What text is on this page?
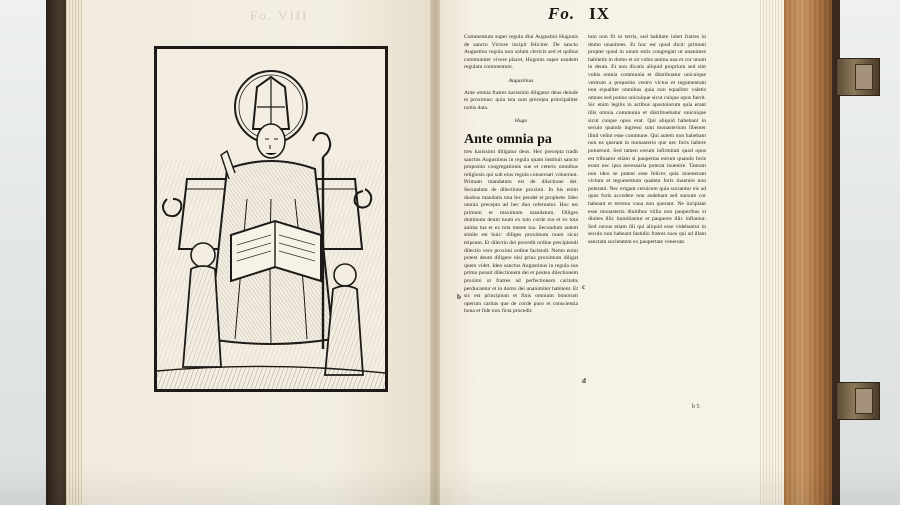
Fo. VIII	Fo. IX

Commentum super regula diui Augustini Hugonis de sancto Victore incipit feliciter. De sancto Augustino regula non solum clericis sed et quibus communiter vivere placet, Hugonis super eandem regulam commentum.

Augustinus

Ante omnia fratres karissimi diligatur deus deinde et proximus: quia ista sunt precepta principaliter nobis data.

Hugo
Ante omnia pa

tres karissimi diligatur deus. Hec precepta tradit sanctus Augustinus in regula quam instituit sancto proposito congregationis sue et ceteris omnibus religiosis qui sub eius regula conuersari voluerunt. Primum mandatum est de dilectione dei. Secundum de dilectione proximi. In his enim duobus mandatis tota lex pendet et prophete. Ideo omnia precepta ad hec duo referuntur. Hoc est primum et maximum mandatum. Diliges dominum deum tuum ex toto corde tuo et ex tota anima tua et ex tota mente tua. Secundum autem simile est huic: diliges proximum tuum sicut teipsum. Et dilectio dei precedit ordine precipiendi dilectio vero proximi ordine faciendi. Nemo enim potest deum diligere nisi prius proximum diligat quem videt. Ideo sanctus Augustinus in regula sua primo posuit dilectionem dei et postea dilectionem proximi ut fratres ad perfectionem caritatis perducantur et in domo dei unanimiter habitent. Et sic est principium et finis omnium bonorum operum caritas que de corde puro et conscientia bona et fide non ficta procedit.

tum non fit in terris, sed habitare iubet fratres in domo unanimes. Et hoc est quod dicit: primum propter quod in unum estis congregati ut unanimes habitetis in domo et sit vobis anima una et cor unum in deum. Et non dicatis aliquid proprium sed sint vobis omnia communia et distribuatur unicuique vestrum a preposito vestro victus et tegumentum non equaliter omnibus quia non equaliter valetis omnes sed potius unicuique sicut cuique opus fuerit. Sic enim legitis in actibus apostolorum quia erant illis omnia communia et distribuebatur unicuique sicut cuique opus erat. Qui aliquid habebant in seculo quando ingressi sunt monasterium libenter illud velint esse commune. Qui autem non habebant non ea querant in monasterio que nec foris habere potuerunt. Sed tamen eorum infirmitati quod opus est tribuatur etiam si paupertas eorum quando foris erant nec ipsa necessaria poterat inuenire. Tantum non ideo se putent esse felices quia inuenerunt victum et tegumentum qualem foris inuenire non poterant. Nec erigant ceruicem quia sociantur eis ad quos foris accedere non audebant sed sursum cor habeant et terrena vana non querant. Ne incipiant esse monasteria diuitibus vtilia non pauperibus si diuites illic humiliantur et pauperes illic inflantur. Sed rursus etiam illi qui aliquid esse videbantur in seculo non habeant fastidio fratres suos qui ad illam sanctam societatem ex paupertate venerunt.

b
c
d
b 5
